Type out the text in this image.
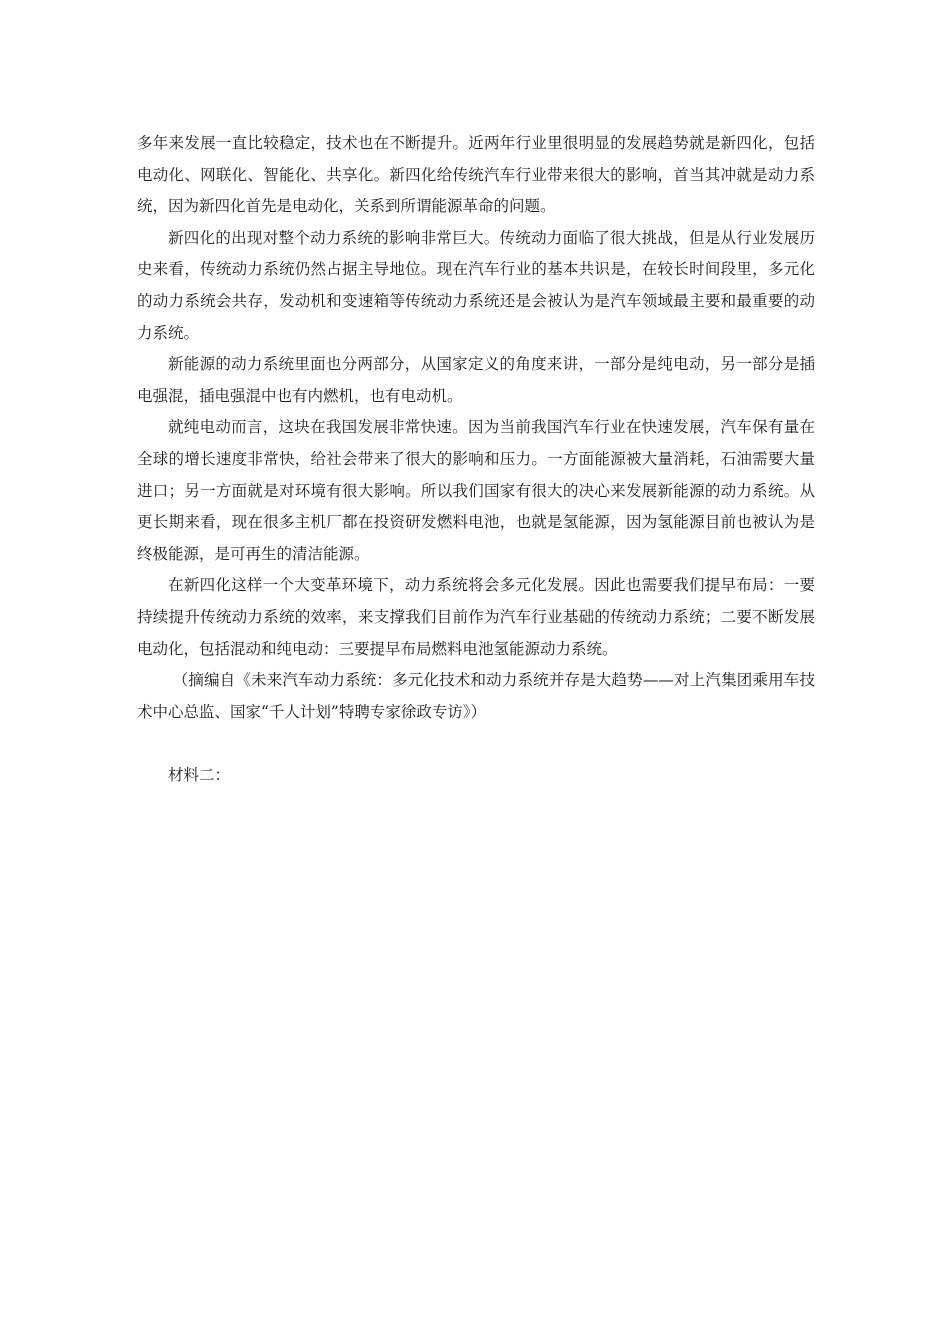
多年来发展一直比较稳定，技术也在不断提升。近两年行业里很明显的发展趋势就是新四化，包括电动化、网联化、智能化、共享化。新四化给传统汽车行业带来很大的影响，首当其冲就是动力系统，因为新四化首先是电动化，关系到所谓能源革命的问题。

新四化的出现对整个动力系统的影响非常巨大。传统动力面临了很大挑战，但是从行业发展历史来看，传统动力系统仍然占据主导地位。现在汽车行业的基本共识是，在较长时间段里，多元化的动力系统会共存，发动机和变速箱等传统动力系统还是会被认为是汽车领域最主要和最重要的动力系统。

新能源的动力系统里面也分两部分，从国家定义的角度来讲，一部分是纯电动，另一部分是插电强混，插电强混中也有内燃机，也有电动机。

就纯电动而言，这块在我国发展非常快速。因为当前我国汽车行业在快速发展，汽车保有量在全球的增长速度非常快，给社会带来了很大的影响和压力。一方面能源被大量消耗，石油需要大量进口；另一方面就是对环境有很大影响。所以我们国家有很大的决心来发展新能源的动力系统。从更长期来看，现在很多主机厂都在投资研发燃料电池，也就是氢能源，因为氢能源目前也被认为是终极能源，是可再生的清洁能源。

在新四化这样一个大变革环境下，动力系统将会多元化发展。因此也需要我们提早布局：一要持续提升传统动力系统的效率，来支撑我们目前作为汽车行业基础的传统动力系统；二要不断发展电动化，包括混动和纯电动：三要提早布局燃料电池氢能源动力系统。

（摘编自《未来汽车动力系统：多元化技术和动力系统并存是大趋势——对上汽集团乘用车技术中心总监、国家“千人计划”特聘专家徐政专访》）

材料二：
